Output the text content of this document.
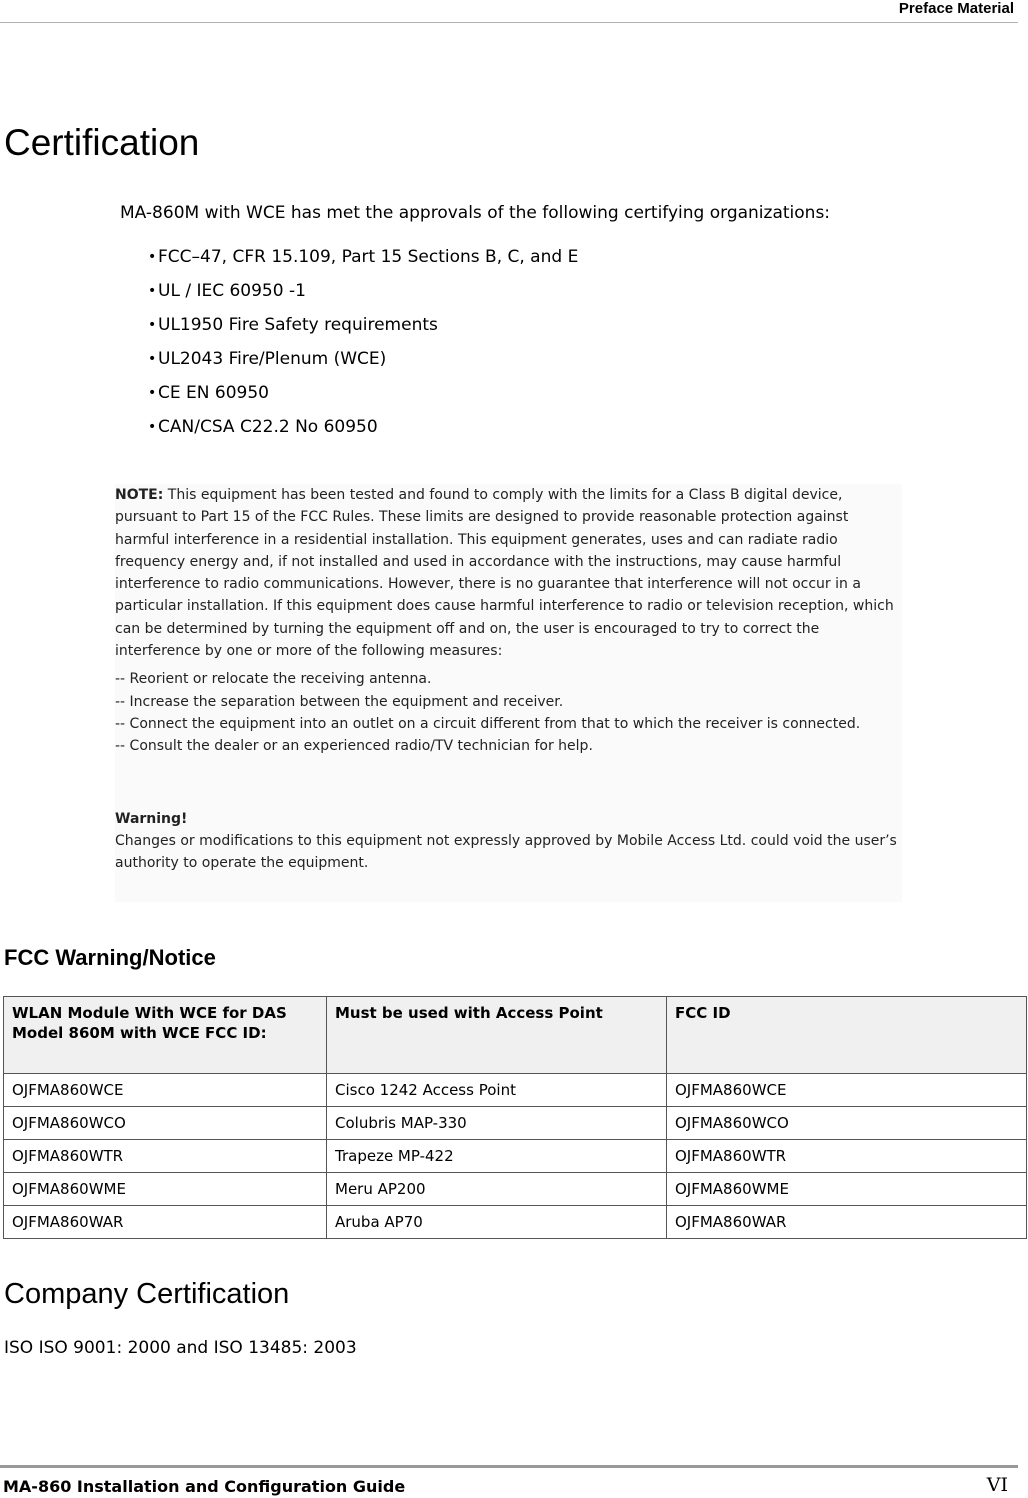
Preface Material
Certification
MA-860M with WCE has met the approvals of the following certifying organizations:
• FCC–47, CFR 15.109, Part 15 Sections B, C, and E
• UL / IEC 60950 -1
• UL1950 Fire Safety requirements
• UL2043 Fire/Plenum (WCE)
• CE EN 60950
• CAN/CSA C22.2 No 60950

NOTE: This equipment has been tested and found to comply with the limits for a Class B digital device, pursuant to Part 15 of the FCC Rules. These limits are designed to provide reasonable protection against harmful interference in a residential installation. This equipment generates, uses and can radiate radio frequency energy and, if not installed and used in accordance with the instructions, may cause harmful interference to radio communications. However, there is no guarantee that interference will not occur in a particular installation. If this equipment does cause harmful interference to radio or television reception, which can be determined by turning the equipment off and on, the user is encouraged to try to correct the interference by one or more of the following measures:

-- Reorient or relocate the receiving antenna.

-- Increase the separation between the equipment and receiver.

-- Connect the equipment into an outlet on a circuit different from that to which the receiver is connected.

-- Consult the dealer or an experienced radio/TV technician for help.

Warning!

Changes or modifications to this equipment not expressly approved by Mobile Access Ltd. could void the user’s authority to operate the equipment.

FCC Warning/Notice
WLAN Module With WCE for DAS Model 860M with WCE FCC ID:	Must be used with Access Point	FCC ID
OJFMA860WCE	Cisco 1242 Access Point	OJFMA860WCE
OJFMA860WCO	Colubris MAP-330	OJFMA860WCO
OJFMA860WTR	Trapeze MP-422	OJFMA860WTR
OJFMA860WME	Meru AP200	OJFMA860WME
OJFMA860WAR	Aruba AP70	OJFMA860WAR
Company Certification
ISO ISO 9001: 2000 and ISO 13485: 2003
MA-860 Installation and Configuration Guide	VI
